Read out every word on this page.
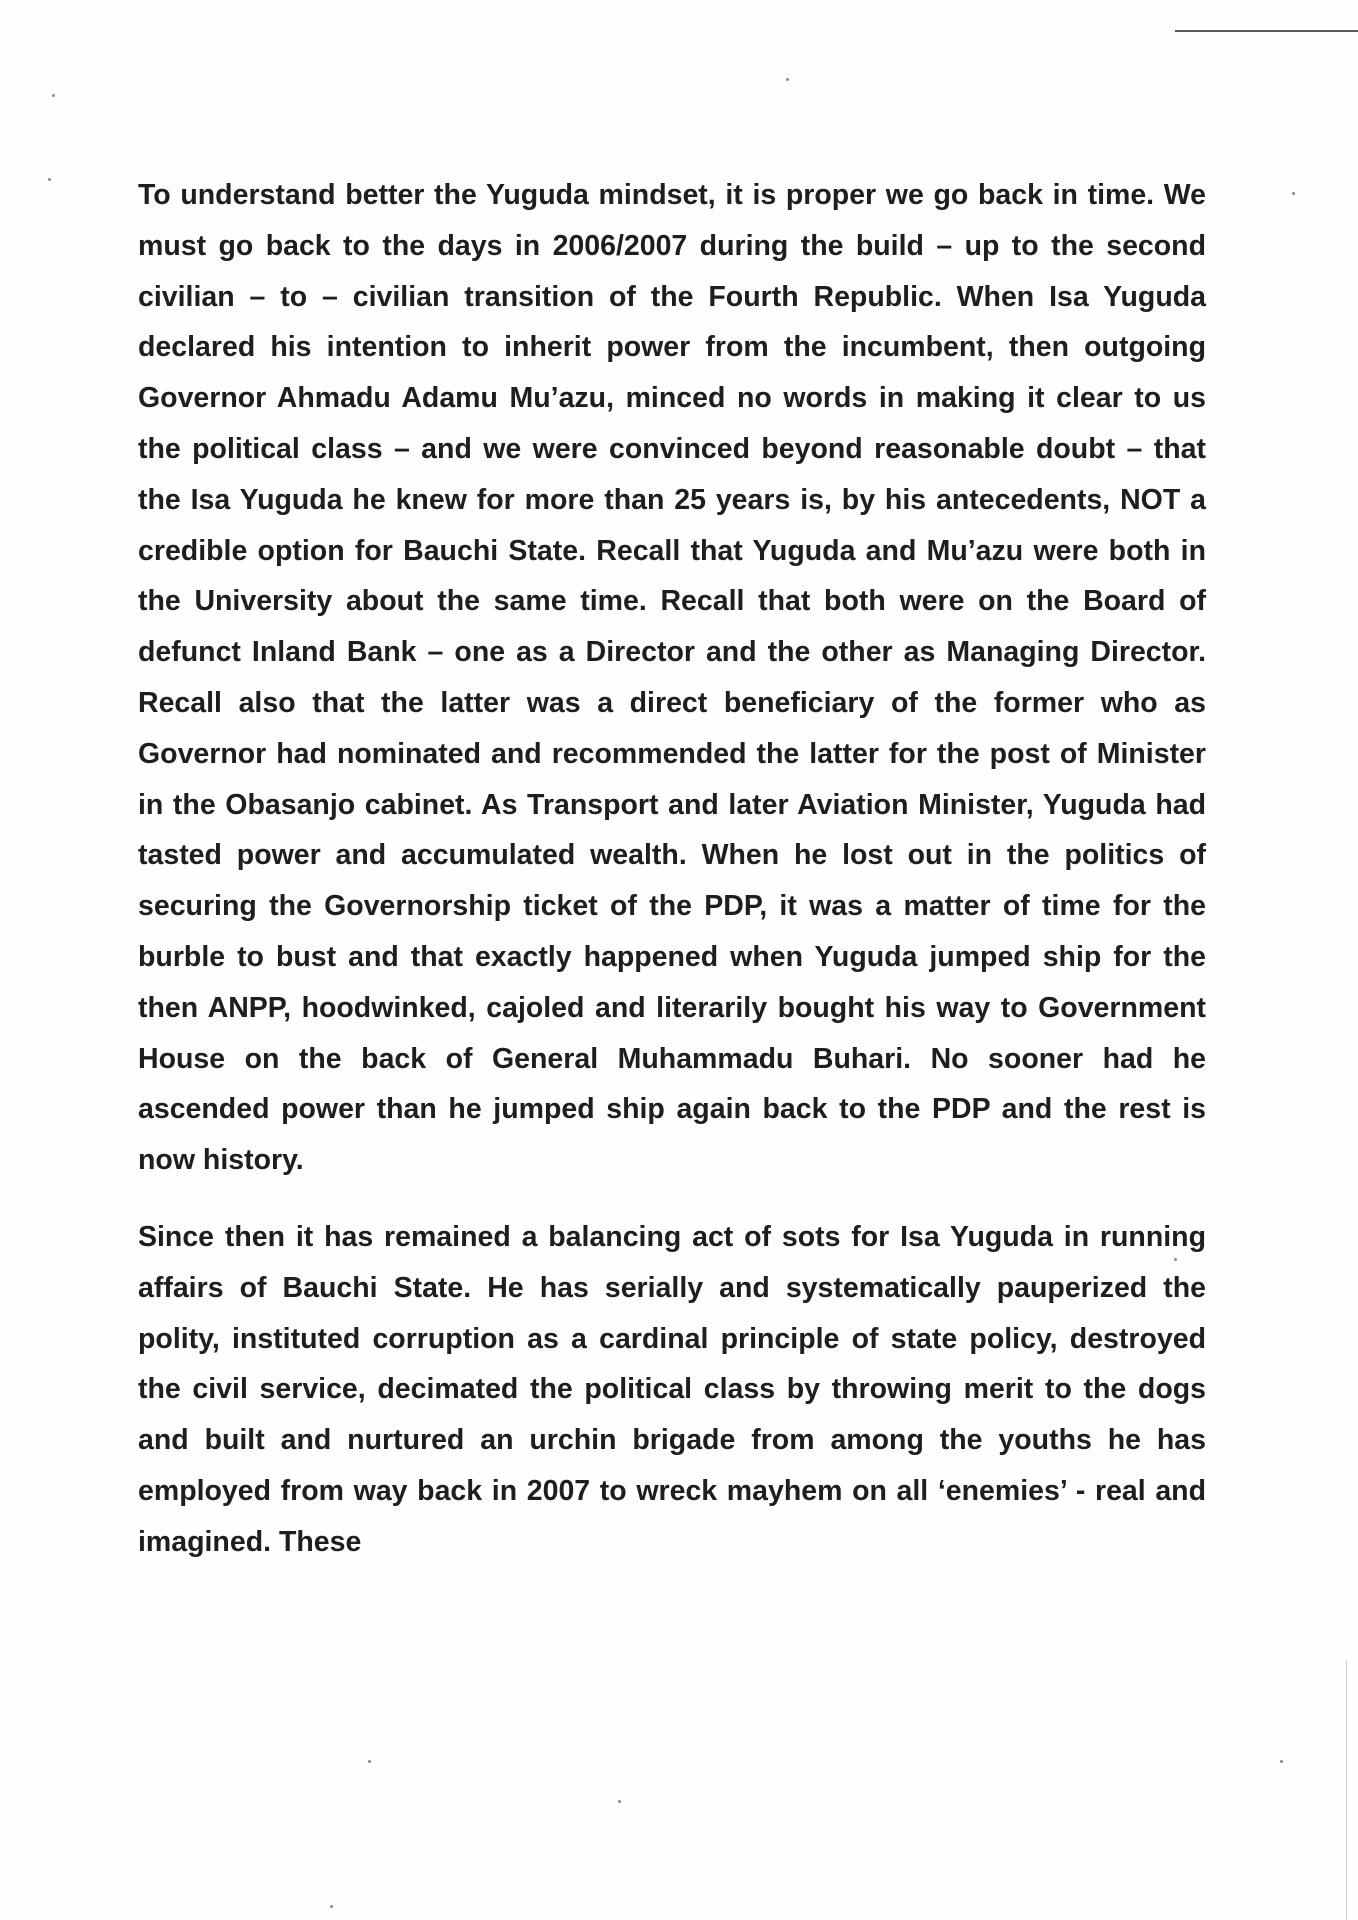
To understand better the Yuguda mindset, it is proper we go back in time. We must go back to the days in 2006/2007 during the build – up to the second civilian – to – civilian transition of the Fourth Republic. When Isa Yuguda declared his intention to inherit power from the incumbent, then outgoing Governor Ahmadu Adamu Mu’azu, minced no words in making it clear to us the political class – and we were convinced beyond reasonable doubt – that the Isa Yuguda he knew for more than 25 years is, by his antecedents, NOT a credible option for Bauchi State. Recall that Yuguda and Mu’azu were both in the University about the same time. Recall that both were on the Board of defunct Inland Bank – one as a Director and the other as Managing Director. Recall also that the latter was a direct beneficiary of the former who as Governor had nominated and recommended the latter for the post of Minister in the Obasanjo cabinet. As Transport and later Aviation Minister, Yuguda had tasted power and accumulated wealth. When he lost out in the politics of securing the Governorship ticket of the PDP, it was a matter of time for the burble to bust and that exactly happened when Yuguda jumped ship for the then ANPP, hoodwinked, cajoled and literarily bought his way to Government House on the back of General Muhammadu Buhari. No sooner had he ascended power than he jumped ship again back to the PDP and the rest is now history.

Since then it has remained a balancing act of sots for Isa Yuguda in running affairs of Bauchi State. He has serially and systematically pauperized the polity, instituted corruption as a cardinal principle of state policy, destroyed the civil service, decimated the political class by throwing merit to the dogs and built and nurtured an urchin brigade from among the youths he has employed from way back in 2007 to wreck mayhem on all ‘enemies’ - real and imagined. These
